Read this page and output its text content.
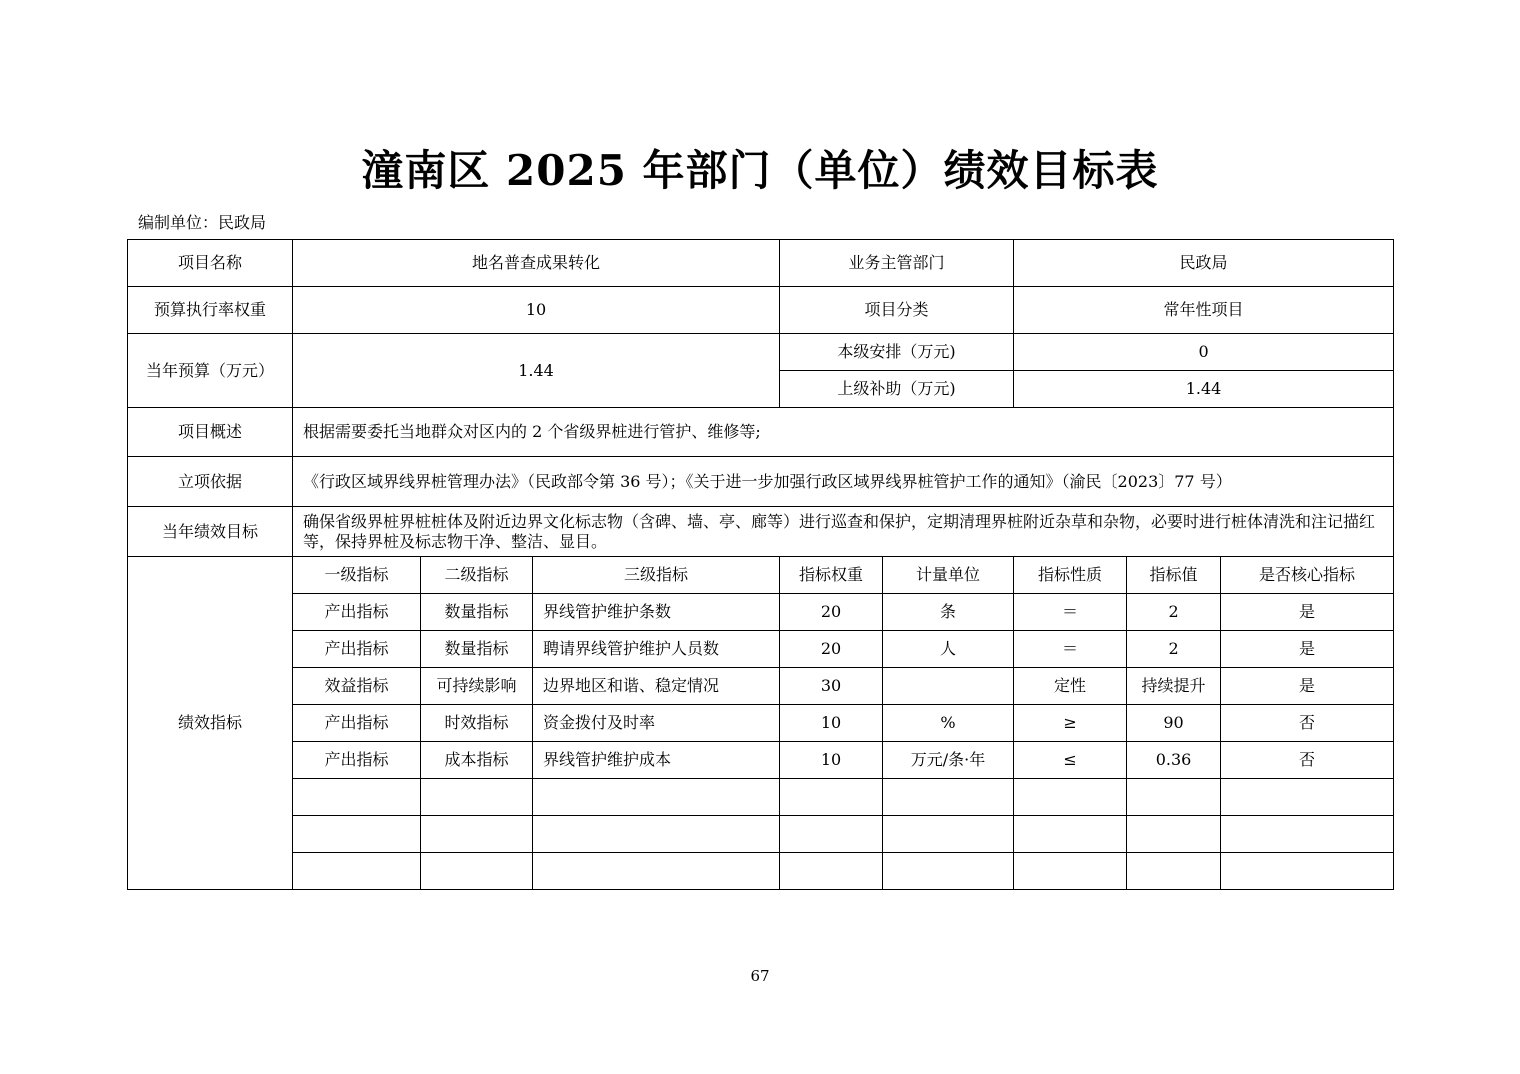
潼南区 2025 年部门（单位）绩效目标表
编制单位：民政局
项目名称	地名普查成果转化			业务主管部门		民政局		
预算执行率权重	10			项目分类		常年性项目		
当年预算（万元）	1.44			本级安排（万元)		0		
				上级补助（万元)		1.44		
项目概述	根据需要委托当地群众对区内的 2 个省级界桩进行管护、维修等;							
立项依据	《行政区域界线界桩管理办法》（民政部令第 36 号）；《关于进一步加强行政区域界线界桩管护工作的通知》（渝民〔2023〕77 号）							
当年绩效目标	确保省级界桩界桩桩体及附近边界文化标志物（含碑、墙、亭、廊等）进行巡查和保护，定期清理界桩附近杂草和杂物，必要时进行桩体清洗和注记描红等，保持界桩及标志物干净、整洁、显目。							
绩效指标	一级指标	二级指标	三级指标	指标权重	计量单位	指标性质	指标值	是否核心指标
	产出指标	数量指标	界线管护维护条数	20	条	＝	2	是
	产出指标	数量指标	聘请界线管护维护人员数	20	人	＝	2	是
	效益指标	可持续影响	边界地区和谐、稳定情况	30		定性	持续提升	是
	产出指标	时效指标	资金拨付及时率	10	%	≥	90	否
	产出指标	成本指标	界线管护维护成本	10	万元/条·年	≤	0.36	否

67
